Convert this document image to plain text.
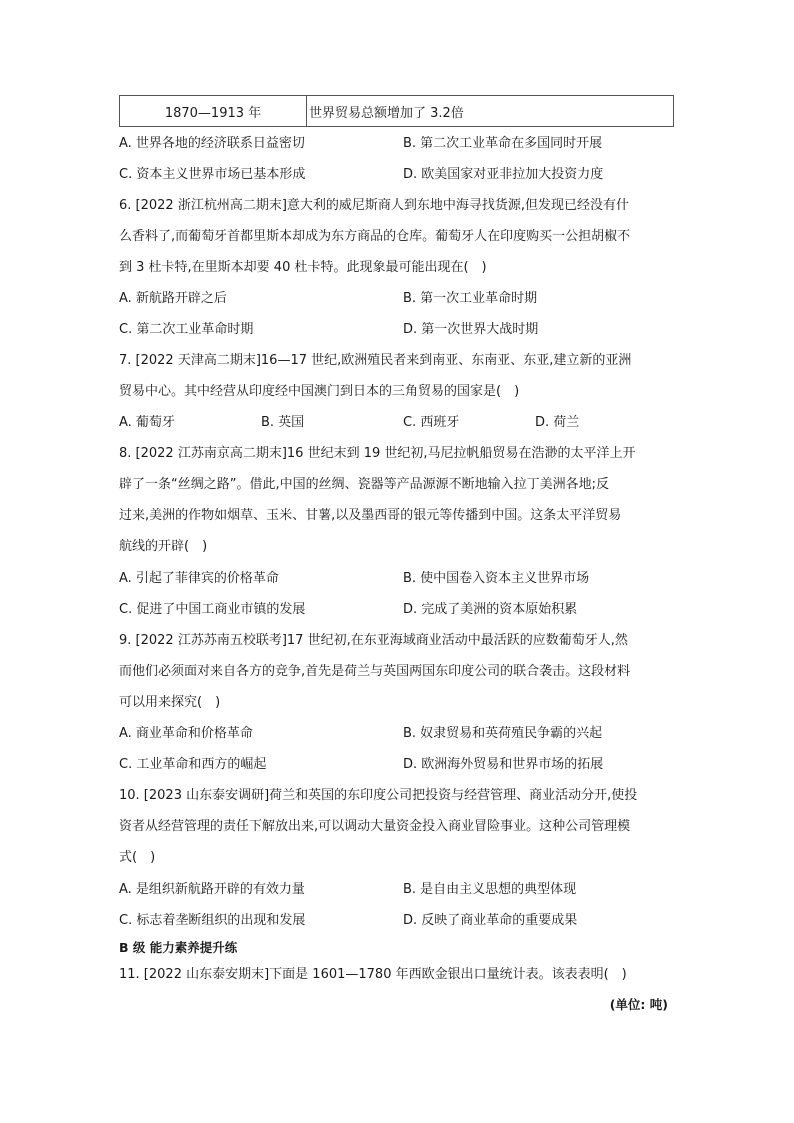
1870—1913 年	世界贸易总额增加了 3.2倍
A. 世界各地的经济联系日益密切	B. 第二次工业革命在多国同时开展
C. 资本主义世界市场已基本形成	D. 欧美国家对亚非拉加大投资力度
6. [2022 浙江杭州高二期末]意大利的威尼斯商人到东地中海寻找货源,但发现已经没有什
么香料了,而葡萄牙首都里斯本却成为东方商品的仓库。葡萄牙人在印度购买一公担胡椒不
到 3 杜卡特,在里斯本却要 40 杜卡特。此现象最可能出现在(　)
A. 新航路开辟之后	B. 第一次工业革命时期
C. 第二次工业革命时期	D. 第一次世界大战时期
7. [2022 天津高二期末]16—17 世纪,欧洲殖民者来到南亚、东南亚、东亚,建立新的亚洲
贸易中心。其中经营从印度经中国澳门到日本的三角贸易的国家是(　)
A. 葡萄牙	B. 英国	C. 西班牙	D. 荷兰
8. [2022 江苏南京高二期末]16 世纪末到 19 世纪初,马尼拉帆船贸易在浩渺的太平洋上开
辟了一条“丝绸之路”。借此,中国的丝绸、瓷器等产品源源不断地输入拉丁美洲各地;反
过来,美洲的作物如烟草、玉米、甘薯,以及墨西哥的银元等传播到中国。这条太平洋贸易
航线的开辟(　)
A. 引起了菲律宾的价格革命	B. 使中国卷入资本主义世界市场
C. 促进了中国工商业市镇的发展	D. 完成了美洲的资本原始积累
9. [2022 江苏苏南五校联考]17 世纪初,在东亚海域商业活动中最活跃的应数葡萄牙人,然
而他们必须面对来自各方的竞争,首先是荷兰与英国两国东印度公司的联合袭击。这段材料
可以用来探究(　)
A. 商业革命和价格革命	B. 奴隶贸易和英荷殖民争霸的兴起
C. 工业革命和西方的崛起	D. 欧洲海外贸易和世界市场的拓展
10. [2023 山东泰安调研]荷兰和英国的东印度公司把投资与经营管理、商业活动分开,使投
资者从经营管理的责任下解放出来,可以调动大量资金投入商业冒险事业。这种公司管理模
式(　)
A. 是组织新航路开辟的有效力量	B. 是自由主义思想的典型体现
C. 标志着垄断组织的出现和发展	D. 反映了商业革命的重要成果
B 级 能力素养提升练
11. [2022 山东泰安期末]下面是 1601—1780 年西欧金银出口量统计表。该表表明(　)
(单位: 吨)
